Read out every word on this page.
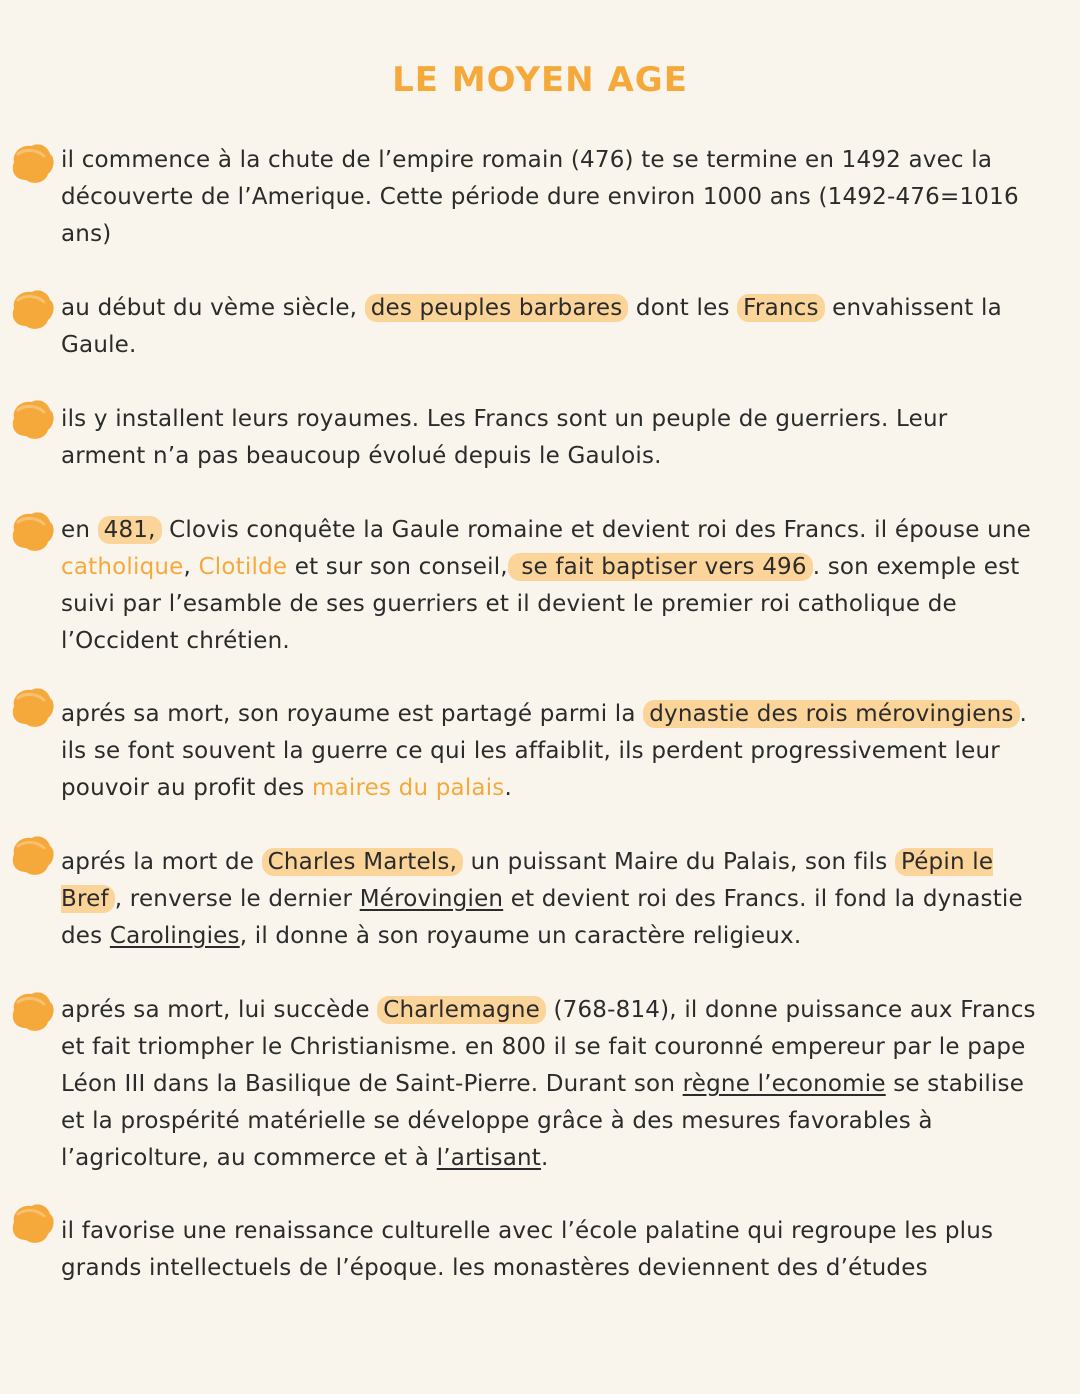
LE MOYEN AGE
il commence à la chute de l’empire romain (476) te se termine en 1492 avec la découverte de l’Amerique. Cette période dure environ 1000 ans (1492-476=1016 ans)
au début du vème siècle, des peuples barbares dont les Francs envahissent la Gaule.
ils y installent leurs royaumes. Les Francs sont un peuple de guerriers. Leur arment n’a pas beaucoup évolué depuis le Gaulois.
en 481, Clovis conquête la Gaule romaine et devient roi des Francs. il épouse une catholique, Clotilde et sur son conseil, se fait baptiser vers 496 . son exemple est suivi par l’esamble de ses guerriers et il devient le premier roi catholique de l’Occident chrétien.
aprés sa mort, son royaume est partagé parmi la dynastie des rois mérovingiens . ils se font souvent la guerre ce qui les affaiblit, ils perdent progressivement leur pouvoir au profit des maires du palais.
aprés la mort de Charles Martels, un puissant Maire du Palais, son fils Pépin le Bref , renverse le dernier Mérovingien et devient roi des Francs. il fond la dynastie des Carolingies, il donne à son royaume un caractère religieux.
aprés sa mort, lui succède Charlemagne (768-814), il donne puissance aux Francs et fait triompher le Christianisme. en 800 il se fait couronné empereur par le pape Léon III dans la Basilique de Saint-Pierre. Durant son règne l’economie se stabilise et la prospérité matérielle se développe grâce à des mesures favorables à l’agricolture, au commerce et à l’artisant.
il favorise une renaissance culturelle avec l’école palatine qui regroupe les plus grands intellectuels de l’époque. les monastères deviennent des d’études
